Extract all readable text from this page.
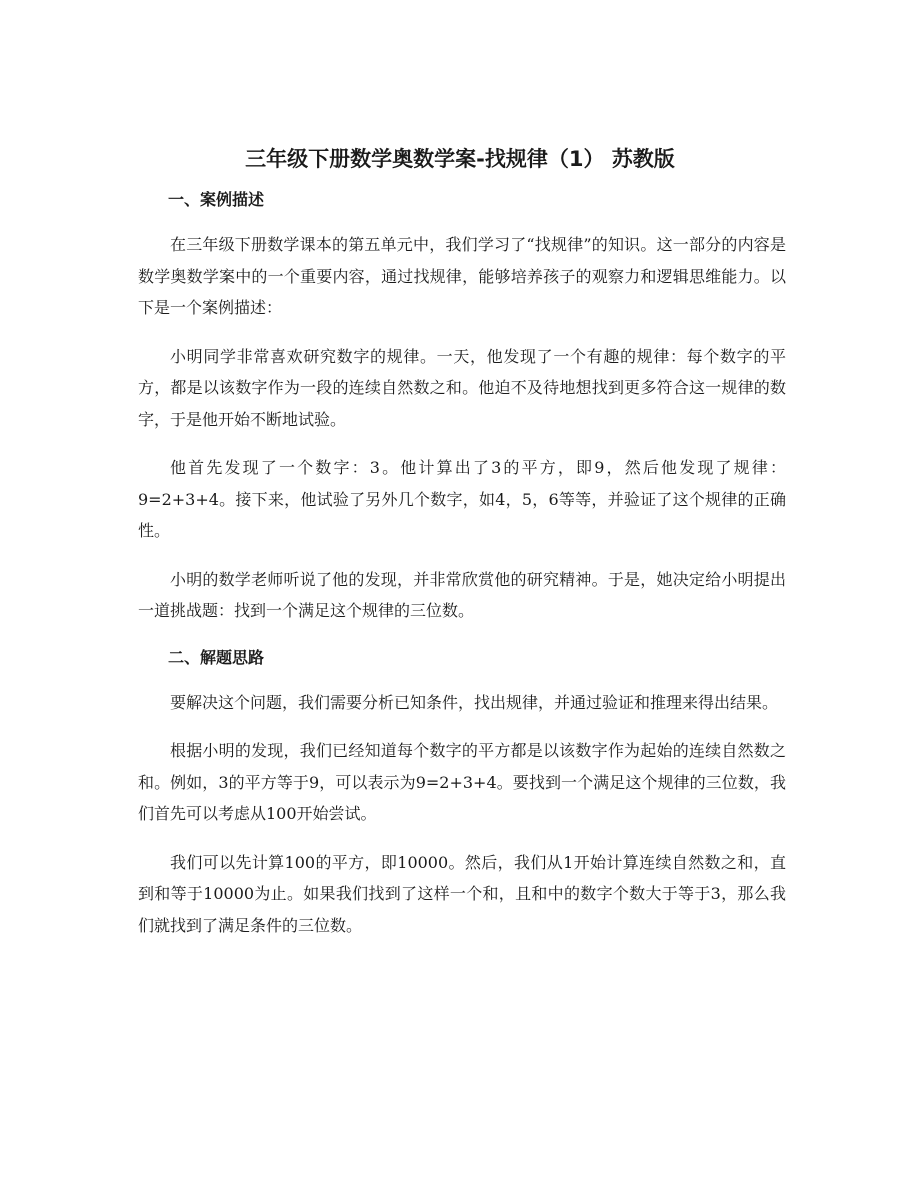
三年级下册数学奥数学案-找规律（1） 苏教版
一、案例描述

在三年级下册数学课本的第五单元中，我们学习了“找规律”的知识。这一部分的内容是数学奥数学案中的一个重要内容，通过找规律，能够培养孩子的观察力和逻辑思维能力。以下是一个案例描述：

小明同学非常喜欢研究数字的规律。一天，他发现了一个有趣的规律：每个数字的平方，都是以该数字作为一段的连续自然数之和。他迫不及待地想找到更多符合这一规律的数字，于是他开始不断地试验。

他首先发现了一个数字：3。他计算出了3的平方，即9，然后他发现了规律：9=2+3+4。接下来，他试验了另外几个数字，如4，5，6等等，并验证了这个规律的正确性。

小明的数学老师听说了他的发现，并非常欣赏他的研究精神。于是，她决定给小明提出一道挑战题：找到一个满足这个规律的三位数。

二、解题思路

要解决这个问题，我们需要分析已知条件，找出规律，并通过验证和推理来得出结果。

根据小明的发现，我们已经知道每个数字的平方都是以该数字作为起始的连续自然数之和。例如，3的平方等于9，可以表示为9=2+3+4。要找到一个满足这个规律的三位数，我们首先可以考虑从100开始尝试。

我们可以先计算100的平方，即10000。然后，我们从1开始计算连续自然数之和，直到和等于10000为止。如果我们找到了这样一个和，且和中的数字个数大于等于3，那么我们就找到了满足条件的三位数。
